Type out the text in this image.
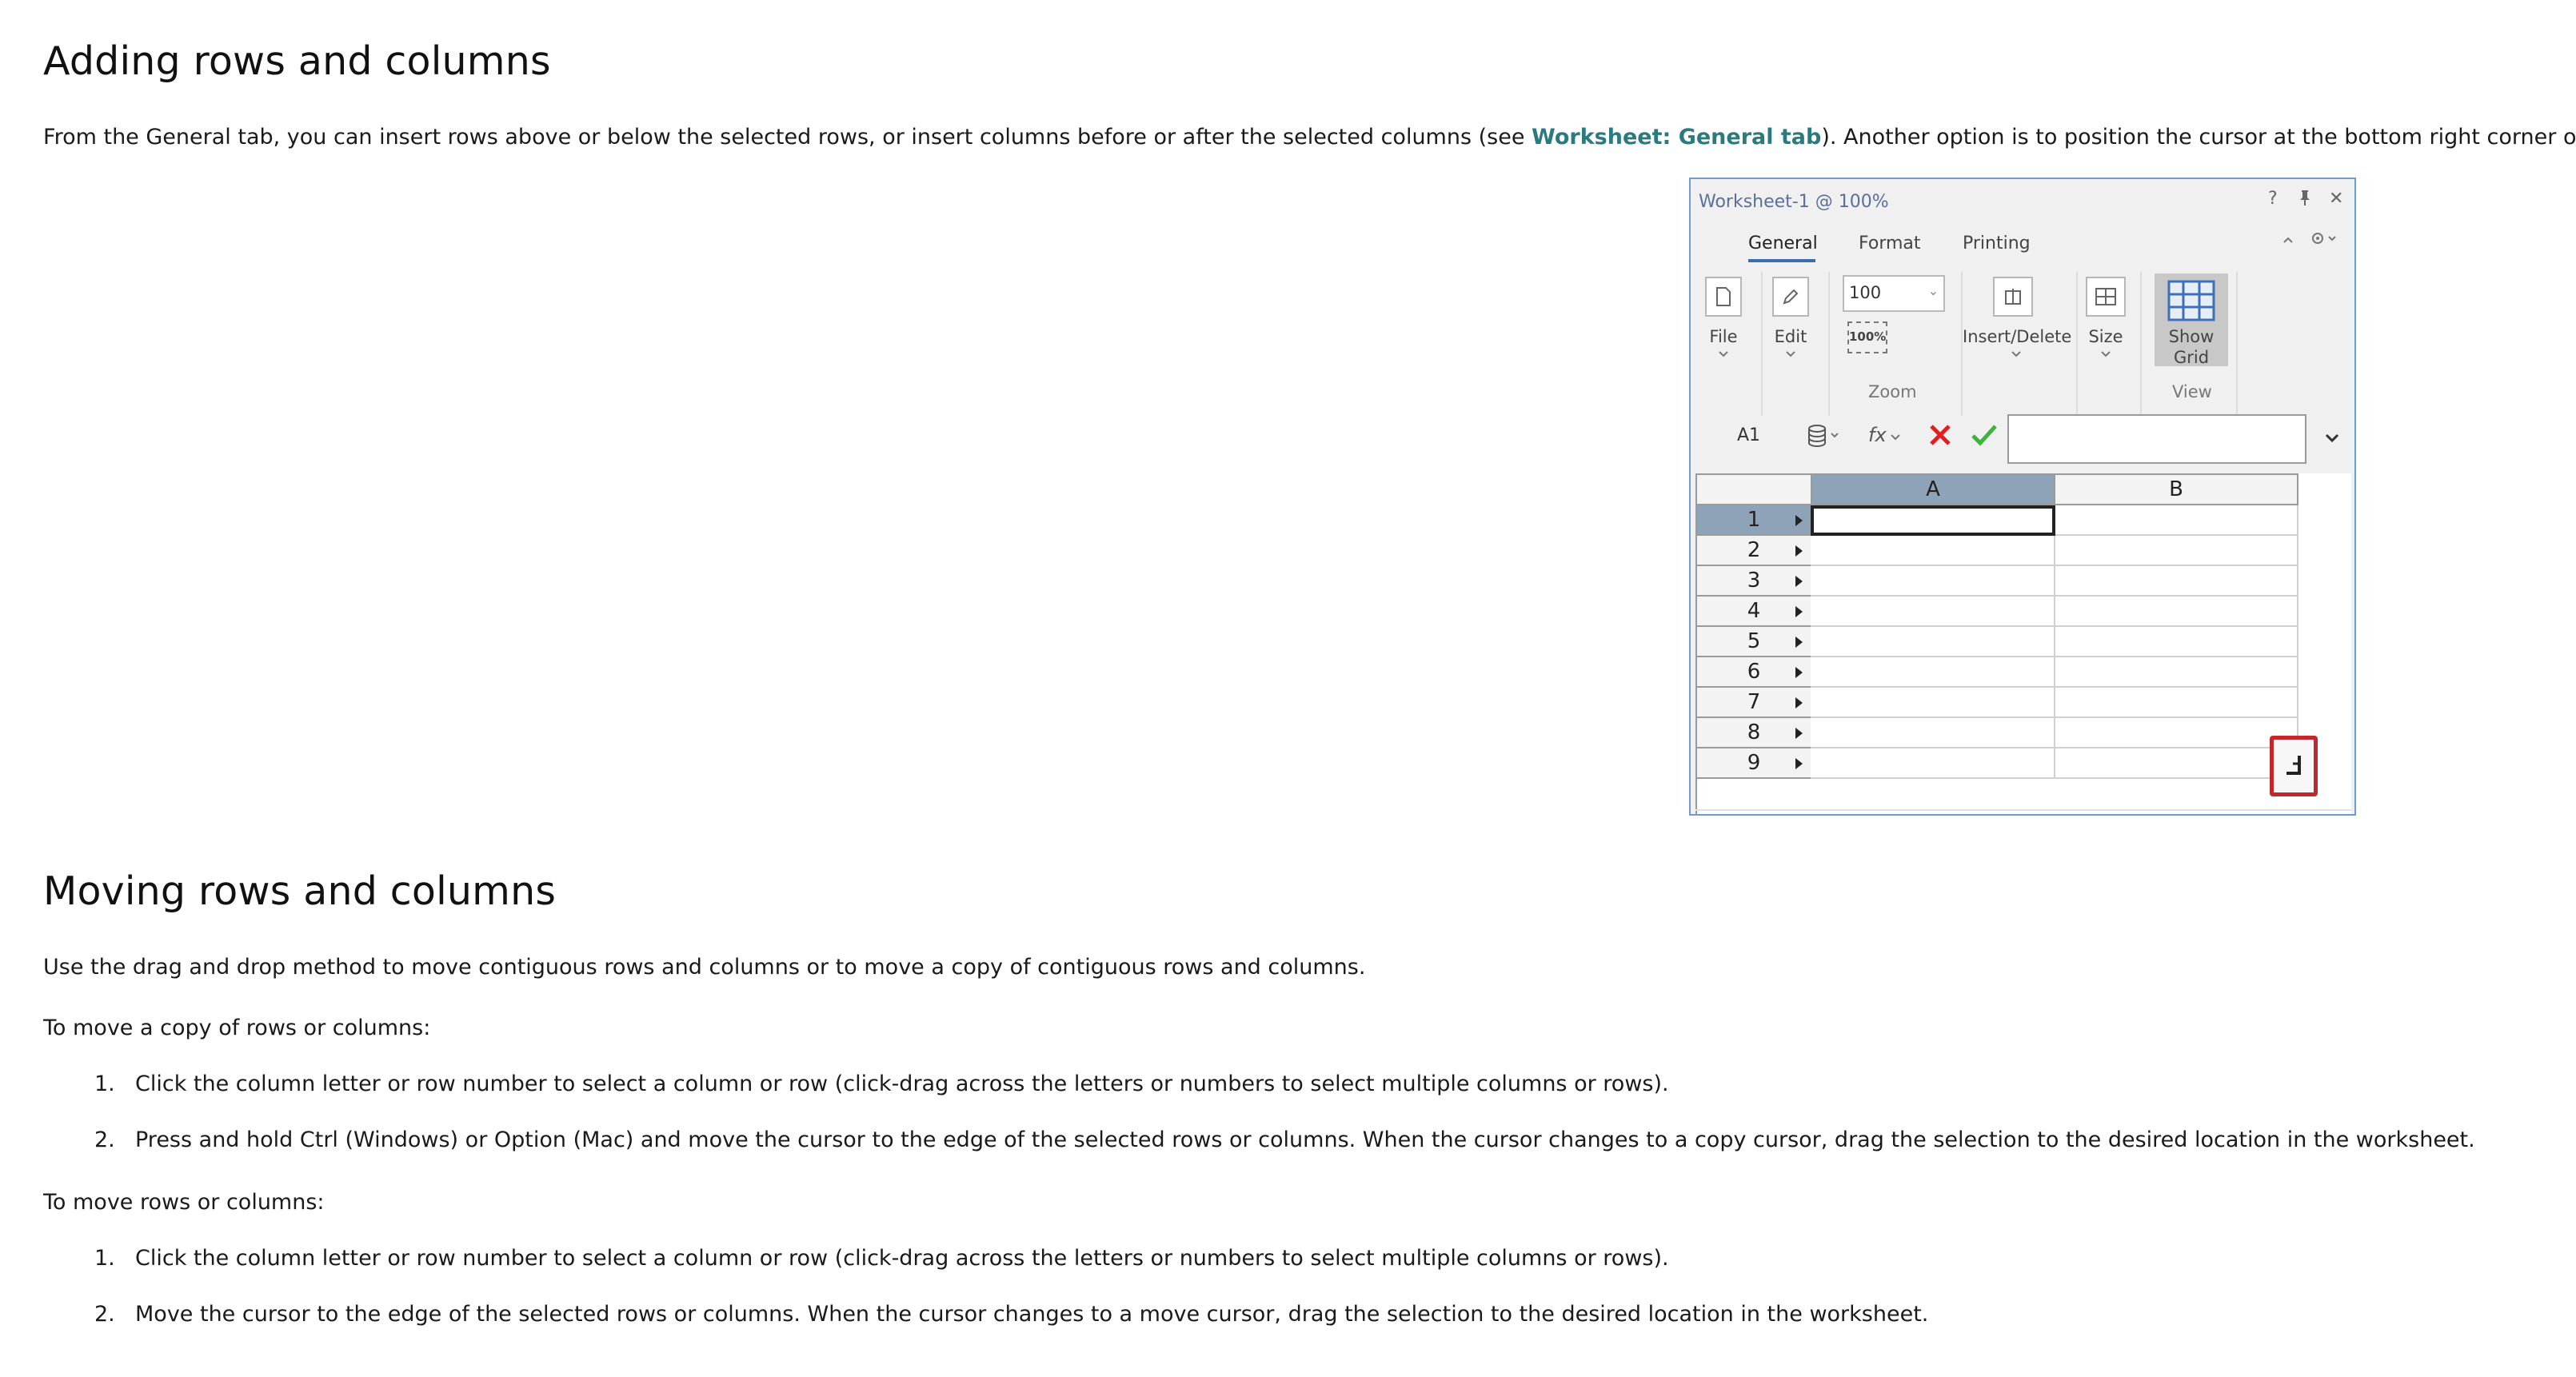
Adding rows and columns

From the General tab, you can insert rows above or below the selected rows, or insert columns before or after the selected columns (see Worksheet: General tab). Another option is to position the cursor at the bottom right corner o

Worksheet-1 @ 100%	?	✕
General Format Printing
File	Edit
100	⌄
100%
Zoom
Insert/Delete	Size	Show
Grid
View
A1	fx
A	B
1
2
3
4
5
6
7
8
9
Moving rows and columns

Use the drag and drop method to move contiguous rows and columns or to move a copy of contiguous rows and columns.

To move a copy of rows or columns:

1. Click the column letter or row number to select a column or row (click-drag across the letters or numbers to select multiple columns or rows).
2. Press and hold Ctrl (Windows) or Option (Mac) and move the cursor to the edge of the selected rows or columns. When the cursor changes to a copy cursor, drag the selection to the desired location in the worksheet.

To move rows or columns:

1. Click the column letter or row number to select a column or row (click-drag across the letters or numbers to select multiple columns or rows).
2. Move the cursor to the edge of the selected rows or columns. When the cursor changes to a move cursor, drag the selection to the desired location in the worksheet.
